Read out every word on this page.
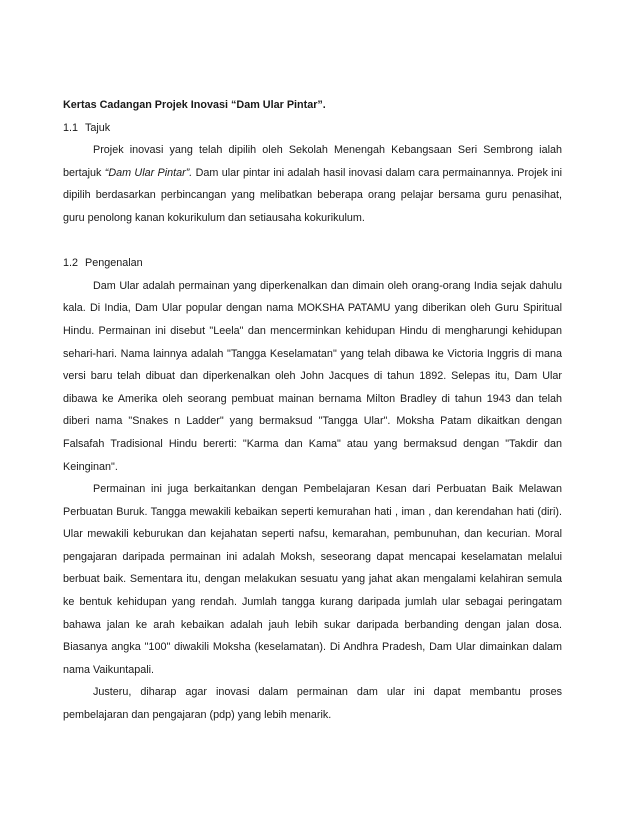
Kertas Cadangan Projek Inovasi “Dam Ular Pintar”.

1.1 Tajuk

Projek inovasi yang telah dipilih oleh Sekolah Menengah Kebangsaan Seri Sembrong ialah bertajuk “Dam Ular Pintar”. Dam ular pintar ini adalah hasil inovasi dalam cara permainannya. Projek ini dipilih berdasarkan perbincangan yang melibatkan beberapa orang pelajar bersama guru penasihat, guru penolong kanan kokurikulum dan setiausaha kokurikulum.

1.2 Pengenalan

Dam Ular adalah permainan yang diperkenalkan dan dimain oleh orang-orang India sejak dahulu kala. Di India, Dam Ular popular dengan nama MOKSHA PATAMU yang diberikan oleh Guru Spiritual Hindu. Permainan ini disebut "Leela" dan mencerminkan kehidupan Hindu di mengharungi kehidupan sehari-hari. Nama lainnya adalah "Tangga Keselamatan" yang telah dibawa ke Victoria Inggris di mana versi baru telah dibuat dan diperkenalkan oleh John Jacques di tahun 1892. Selepas itu, Dam Ular dibawa ke Amerika oleh seorang pembuat mainan bernama Milton Bradley di tahun 1943 dan telah diberi nama "Snakes n Ladder" yang bermaksud "Tangga Ular". Moksha Patam dikaitkan dengan Falsafah Tradisional Hindu bererti: "Karma dan Kama" atau yang bermaksud dengan "Takdir dan Keinginan".

Permainan ini juga berkaitankan dengan Pembelajaran Kesan dari Perbuatan Baik Melawan Perbuatan Buruk. Tangga mewakili kebaikan seperti kemurahan hati , iman , dan kerendahan hati (diri). Ular mewakili keburukan dan kejahatan seperti nafsu, kemarahan, pembunuhan, dan kecurian. Moral pengajaran daripada permainan ini adalah Moksh, seseorang dapat mencapai keselamatan melalui berbuat baik. Sementara itu, dengan melakukan sesuatu yang jahat akan mengalami kelahiran semula ke bentuk kehidupan yang rendah. Jumlah tangga kurang daripada jumlah ular sebagai peringatam bahawa jalan ke arah kebaikan adalah jauh lebih sukar daripada berbanding dengan jalan dosa. Biasanya angka "100" diwakili Moksha (keselamatan). Di Andhra Pradesh, Dam Ular dimainkan dalam nama Vaikuntapali.

Justeru, diharap agar inovasi dalam permainan dam ular ini dapat membantu proses pembelajaran dan pengajaran (pdp) yang lebih menarik.
